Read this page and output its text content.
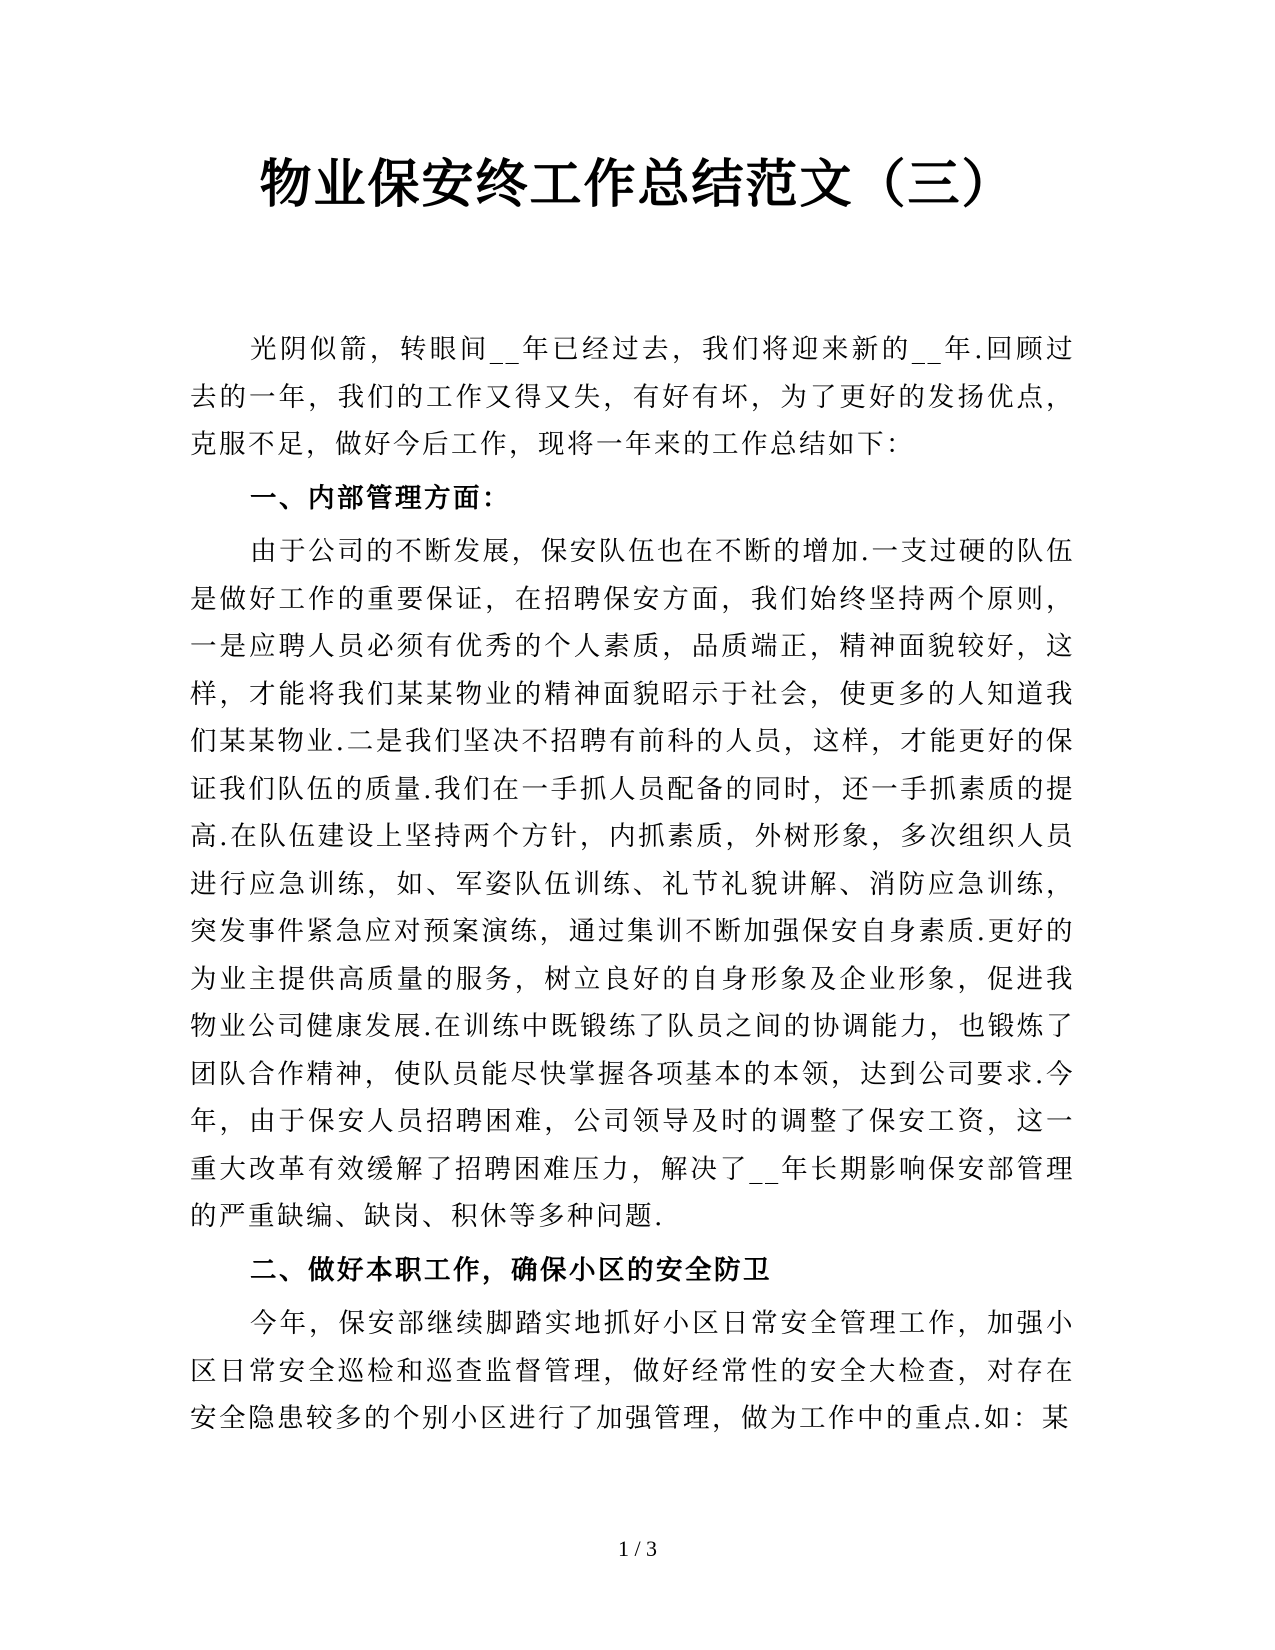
物业保安终工作总结范文（三）

光阴似箭，转眼间__年已经过去，我们将迎来新的__年.回顾过去的一年，我们的工作又得又失，有好有坏，为了更好的发扬优点，克服不足，做好今后工作，现将一年来的工作总结如下：

一、内部管理方面：

由于公司的不断发展，保安队伍也在不断的增加.一支过硬的队伍是做好工作的重要保证，在招聘保安方面，我们始终坚持两个原则，一是应聘人员必须有优秀的个人素质，品质端正，精神面貌较好，这样，才能将我们某某物业的精神面貌昭示于社会，使更多的人知道我们某某物业.二是我们坚决不招聘有前科的人员，这样，才能更好的保证我们队伍的质量.我们在一手抓人员配备的同时，还一手抓素质的提高.在队伍建设上坚持两个方针，内抓素质，外树形象，多次组织人员进行应急训练，如、军姿队伍训练、礼节礼貌讲解、消防应急训练，突发事件紧急应对预案演练，通过集训不断加强保安自身素质.更好的为业主提供高质量的服务，树立良好的自身形象及企业形象，促进我物业公司健康发展.在训练中既锻练了队员之间的协调能力，也锻炼了团队合作精神，使队员能尽快掌握各项基本的本领，达到公司要求.今年，由于保安人员招聘困难，公司领导及时的调整了保安工资，这一重大改革有效缓解了招聘困难压力，解决了__年长期影响保安部管理的严重缺编、缺岗、积休等多种问题.

二、做好本职工作，确保小区的安全防卫

今年，保安部继续脚踏实地抓好小区日常安全管理工作，加强小区日常安全巡检和巡查监督管理，做好经常性的安全大检查，对存在安全隐患较多的个别小区进行了加强管理，做为工作中的重点.如：某

1 / 3
